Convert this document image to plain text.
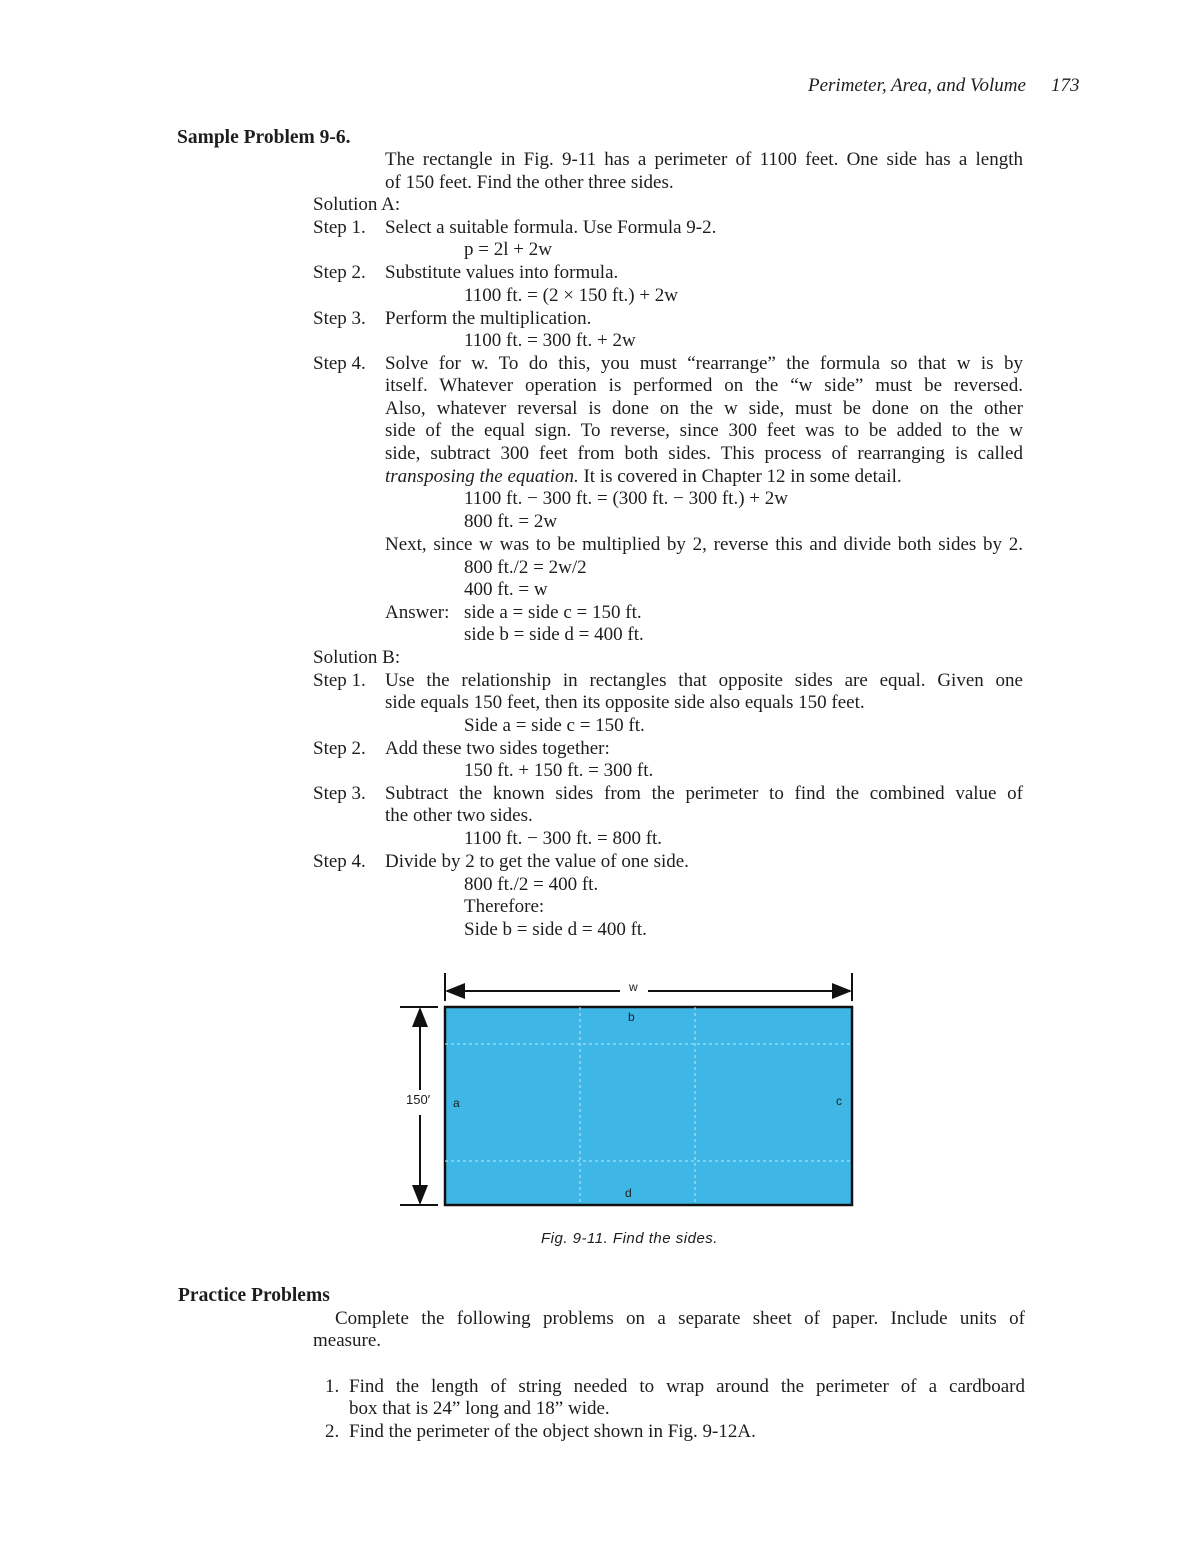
Perimeter, Area, and Volume 173
Sample Problem 9-6.
The rectangle in Fig. 9-11 has a perimeter of 1100 feet. One side has a length
of 150 feet. Find the other three sides.
Solution A:
Step 1. Select a suitable formula. Use Formula 9-2.
p = 2l + 2w
Step 2. Substitute values into formula.
1100 ft. = (2 × 150 ft.) + 2w
Step 3. Perform the multiplication.
1100 ft. = 300 ft. + 2w
Step 4. Solve for w. To do this, you must “rearrange” the formula so that w is by
itself. Whatever operation is performed on the “w side” must be reversed.
Also, whatever reversal is done on the w side, must be done on the other
side of the equal sign. To reverse, since 300 feet was to be added to the w
side, subtract 300 feet from both sides. This process of rearranging is called
transposing the equation. It is covered in Chapter 12 in some detail.
1100 ft. − 300 ft. = (300 ft. − 300 ft.) + 2w
800 ft. = 2w
Next, since w was to be multiplied by 2, reverse this and divide both sides by 2.
800 ft./2 = 2w/2
400 ft. = w
Answer: side a = side c = 150 ft.
side b = side d = 400 ft.
Solution B:
Step 1. Use the relationship in rectangles that opposite sides are equal. Given one
side equals 150 feet, then its opposite side also equals 150 feet.
Side a = side c = 150 ft.
Step 2. Add these two sides together:
150 ft. + 150 ft. = 300 ft.
Step 3. Subtract the known sides from the perimeter to find the combined value of
the other two sides.
1100 ft. − 300 ft. = 800 ft.
Step 4. Divide by 2 to get the value of one side.
800 ft./2 = 400 ft.
Therefore:
Side b = side d = 400 ft.
w
150′ a
b
c
d
Fig. 9-11. Find the sides.
Practice Problems
Complete the following problems on a separate sheet of paper. Include units of
measure.
1. Find the length of string needed to wrap around the perimeter of a cardboard
box that is 24” long and 18” wide.
2. Find the perimeter of the object shown in Fig. 9-12A.
